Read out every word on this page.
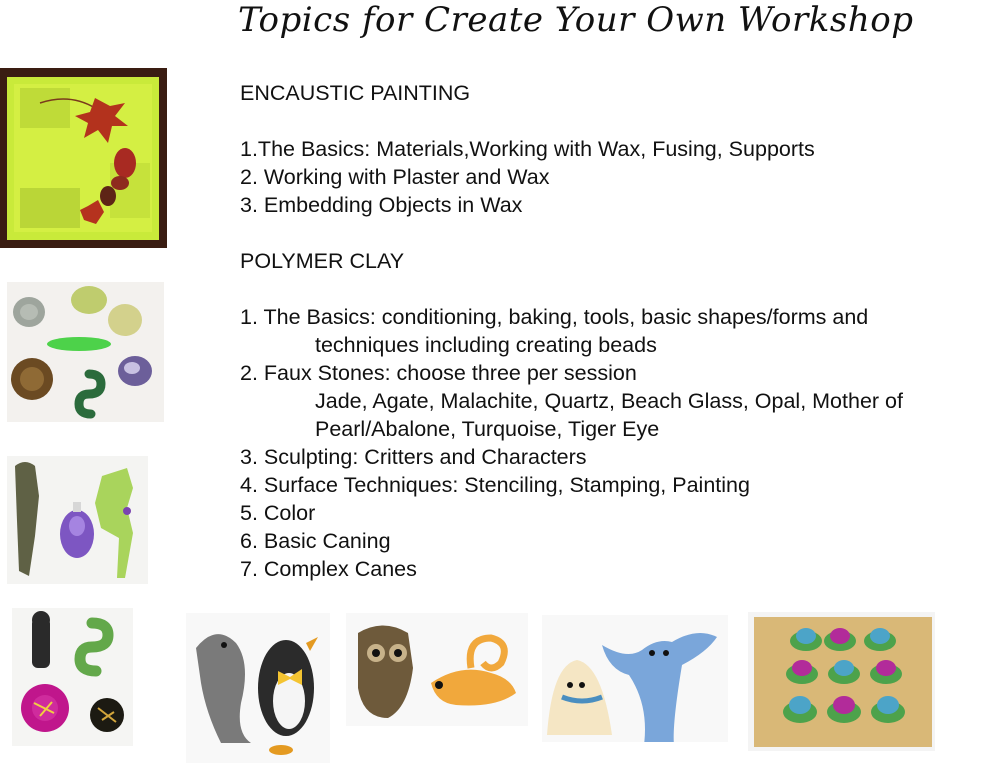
Topics for Create Your Own Workshop
ENCAUSTIC PAINTING
1.The Basics: Materials,Working with Wax, Fusing, Supports
2. Working with Plaster and Wax
3. Embedding Objects in Wax
POLYMER CLAY
1. The Basics: conditioning, baking, tools, basic shapes/forms and
techniques including creating beads
2. Faux Stones: choose three per session
Jade, Agate, Malachite, Quartz, Beach Glass, Opal, Mother of
Pearl/Abalone, Turquoise, Tiger Eye
3. Sculpting: Critters and Characters
4. Surface Techniques: Stenciling, Stamping, Painting
5. Color
6. Basic Caning
7. Complex Canes
